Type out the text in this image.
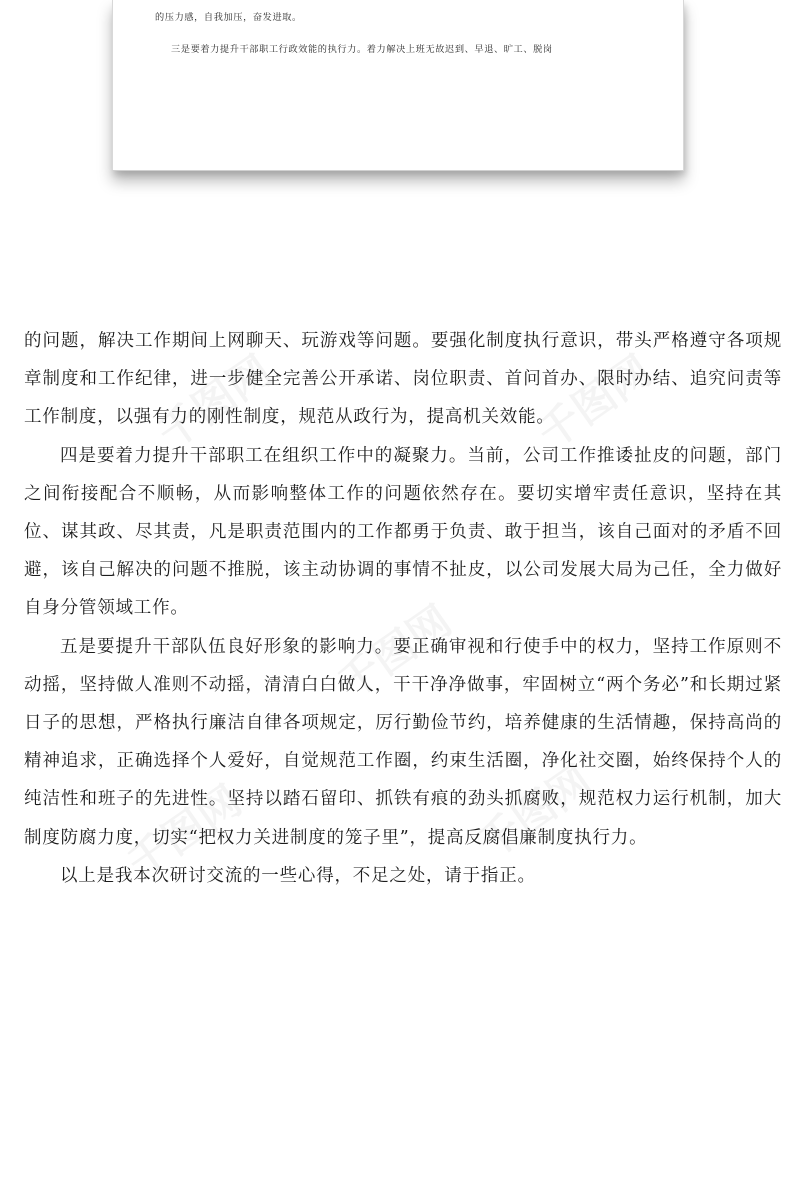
千图网	千图网
千图网
千图网	千图网
的压力感，自我加压，奋发进取。
三是要着力提升干部职工行政效能的执行力。着力解决上班无故迟到、早退、旷工、脱岗

的问题，解决工作期间上网聊天、玩游戏等问题。要强化制度执行意识，带头严格遵守各项规章制度和工作纪律，进一步健全完善公开承诺、岗位职责、首问首办、限时办结、追究问责等工作制度，以强有力的刚性制度，规范从政行为，提高机关效能。

四是要着力提升干部职工在组织工作中的凝聚力。当前，公司工作推诿扯皮的问题，部门之间衔接配合不顺畅，从而影响整体工作的问题依然存在。要切实增牢责任意识，坚持在其位、谋其政、尽其责，凡是职责范围内的工作都勇于负责、敢于担当，该自己面对的矛盾不回避，该自己解决的问题不推脱，该主动协调的事情不扯皮，以公司发展大局为己任，全力做好自身分管领域工作。

五是要提升干部队伍良好形象的影响力。要正确审视和行使手中的权力，坚持工作原则不动摇，坚持做人准则不动摇，清清白白做人，干干净净做事，牢固树立“两个务必”和长期过紧日子的思想，严格执行廉洁自律各项规定，厉行勤俭节约，培养健康的生活情趣，保持高尚的精神追求，正确选择个人爱好，自觉规范工作圈，约束生活圈，净化社交圈，始终保持个人的纯洁性和班子的先进性。坚持以踏石留印、抓铁有痕的劲头抓腐败，规范权力运行机制，加大制度防腐力度，切实“把权力关进制度的笼子里”，提高反腐倡廉制度执行力。

以上是我本次研讨交流的一些心得，不足之处，请于指正。
